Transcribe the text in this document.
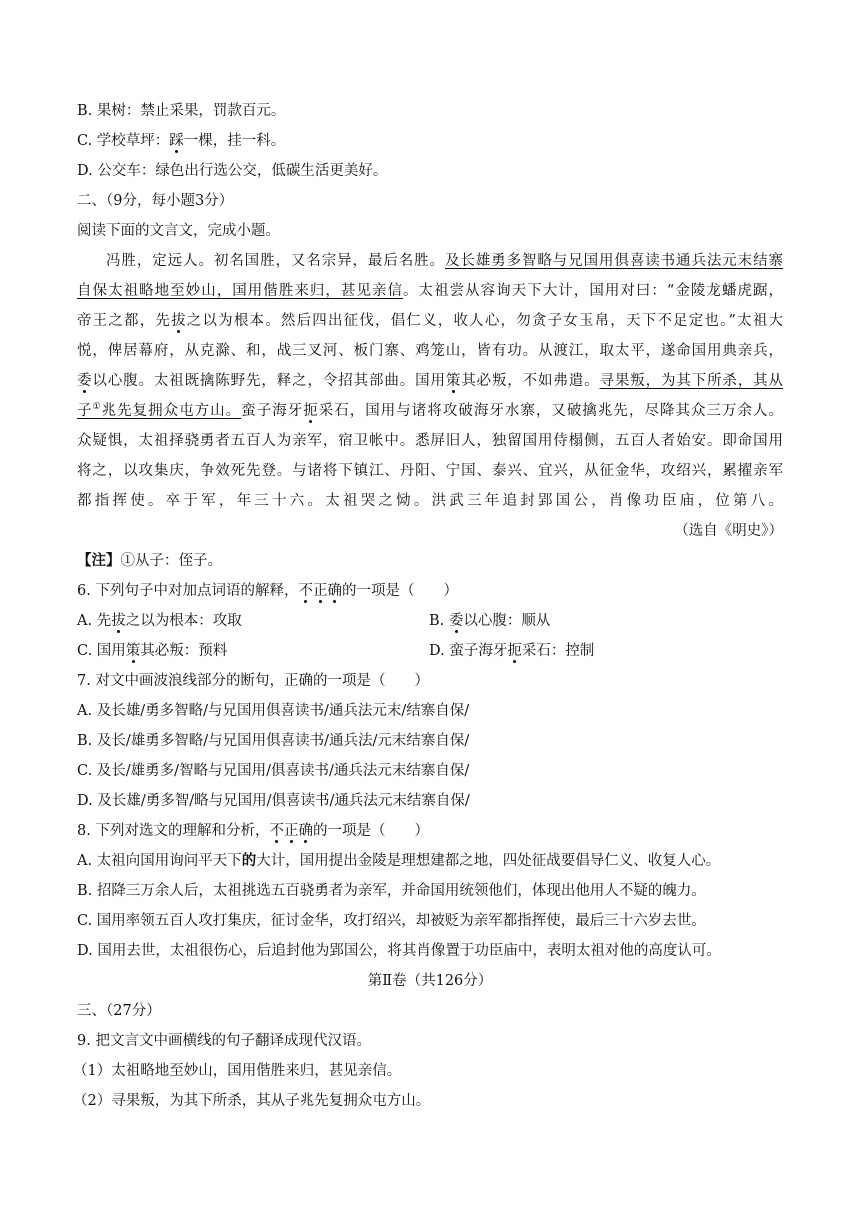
B. 果树：禁止采果，罚款百元。
C. 学校草坪：踩一棵，挂一科。
D. 公交车：绿色出行选公交，低碳生活更美好。
二、（9分，每小题3分）
阅读下面的文言文，完成小题。
冯胜，定远人。初名国胜，又名宗异，最后名胜。及长雄勇多智略与兄国用俱喜读书通兵法元末结寨
自保太祖略地至妙山，国用偕胜来归，甚见亲信。太祖尝从容询天下大计，国用对曰：“金陵龙蟠虎踞，
帝王之都，先拔之以为根本。然后四出征伐，倡仁义，收人心，勿贪子女玉帛，天下不足定也。”太祖大
悦，俾居幕府，从克滁、和，战三叉河、板门寨、鸡笼山，皆有功。从渡江，取太平，遂命国用典亲兵，
委以心腹。太祖既擒陈野先，释之，令招其部曲。国用策其必叛，不如弗遣。寻果叛，为其下所杀，其从
子①兆先复拥众屯方山。蛮子海牙扼采石，国用与诸将攻破海牙水寨，又破擒兆先，尽降其众三万余人。
众疑惧，太祖择骁勇者五百人为亲军，宿卫帐中。悉屏旧人，独留国用侍榻侧，五百人者始安。即命国用
将之，以攻集庆，争效死先登。与诸将下镇江、丹阳、宁国、泰兴、宜兴，从征金华，攻绍兴，累擢亲军
都指挥使。卒于军，年三十六。太祖哭之恸。洪武三年追封郢国公，肖像功臣庙，位第八。
（选自《明史》）
【注】①从子：侄子。
6. 下列句子中对加点词语的解释，不正确的一项是（　　）
A. 先拔之以为根本：攻取	B. 委以心腹：顺从
C. 国用策其必叛：预料	D. 蛮子海牙扼采石：控制
7. 对文中画波浪线部分的断句，正确的一项是（　　）
A. 及长雄/勇多智略/与兄国用俱喜读书/通兵法元末/结寨自保/
B. 及长/雄勇多智略/与兄国用俱喜读书/通兵法/元末结寨自保/
C. 及长/雄勇多/智略与兄国用/俱喜读书/通兵法元末结寨自保/
D. 及长雄/勇多智/略与兄国用/俱喜读书/通兵法元末结寨自保/
8. 下列对选文的理解和分析，不正确的一项是（　　）
A. 太祖向国用询问平天下的大计，国用提出金陵是理想建都之地，四处征战要倡导仁义、收复人心。
B. 招降三万余人后，太祖挑选五百骁勇者为亲军，并命国用统领他们，体现出他用人不疑的魄力。
C. 国用率领五百人攻打集庆，征讨金华，攻打绍兴，却被贬为亲军都指挥使，最后三十六岁去世。
D. 国用去世，太祖很伤心，后追封他为郢国公，将其肖像置于功臣庙中，表明太祖对他的高度认可。
第Ⅱ卷（共126分）
三、（27分）
9. 把文言文中画横线的句子翻译成现代汉语。
（1）太祖略地至妙山，国用偕胜来归，甚见亲信。
（2）寻果叛，为其下所杀，其从子兆先复拥众屯方山。
